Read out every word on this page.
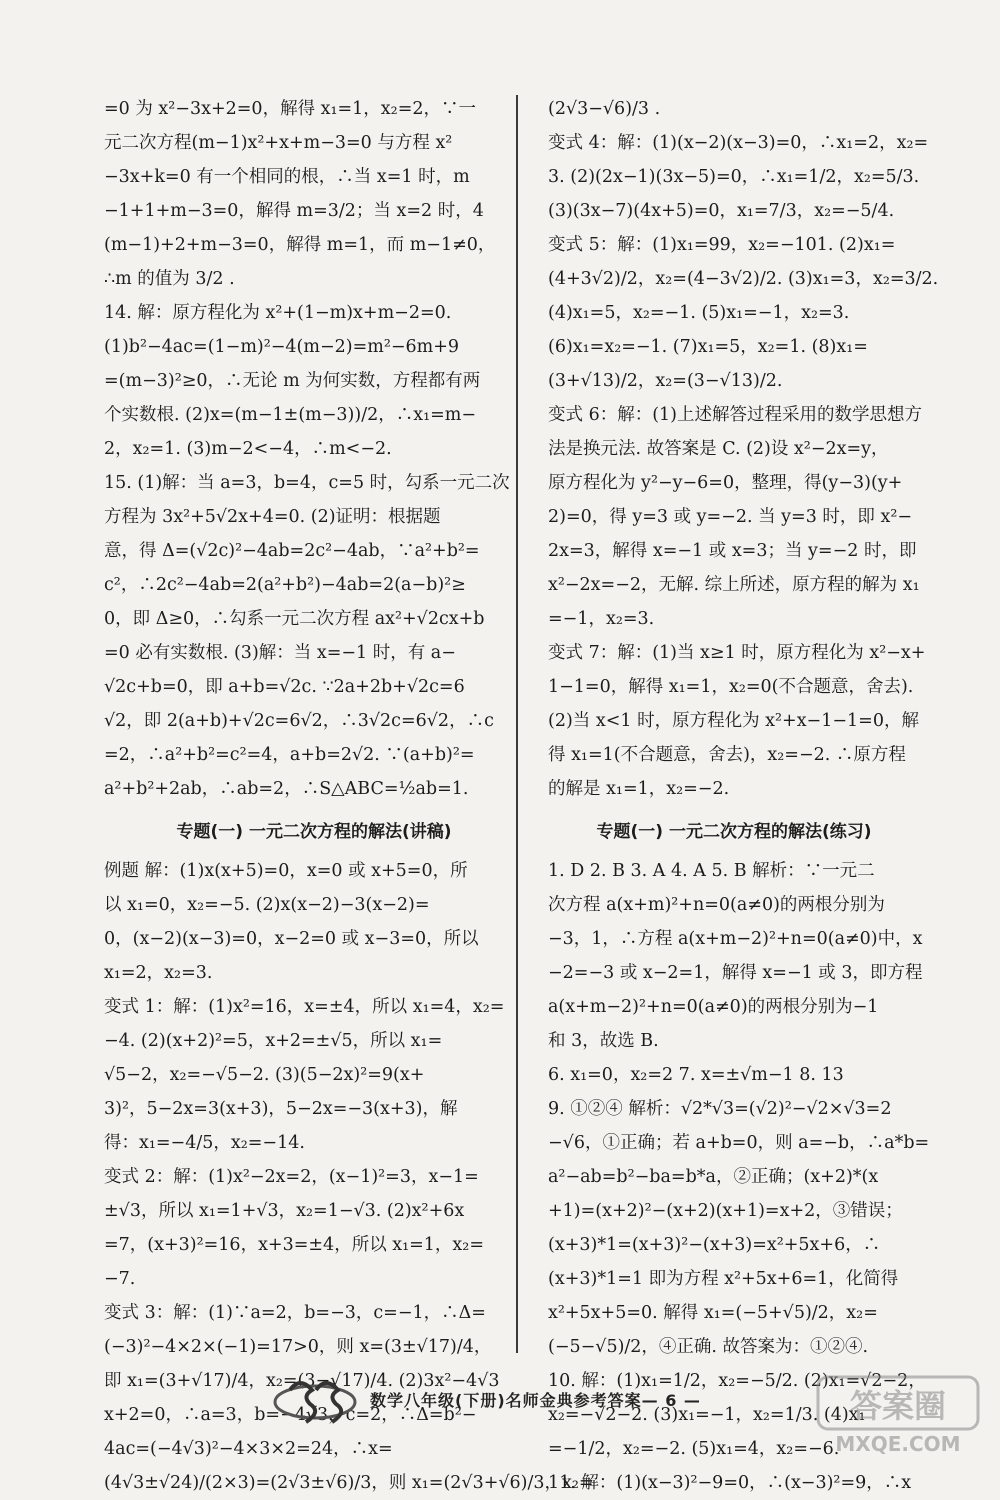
=0 为 x²−3x+2=0，解得 x₁=1，x₂=2，∵一
元二次方程(m−1)x²+x+m−3=0 与方程 x²
−3x+k=0 有一个相同的根，∴当 x=1 时，m
−1+1+m−3=0，解得 m=3/2；当 x=2 时，4
(m−1)+2+m−3=0，解得 m=1，而 m−1≠0，
∴m 的值为 3/2 .
14. 解：原方程化为 x²+(1−m)x+m−2=0.
(1)b²−4ac=(1−m)²−4(m−2)=m²−6m+9
=(m−3)²≥0，∴无论 m 为何实数，方程都有两
个实数根. (2)x=(m−1±(m−3))/2，∴x₁=m−
2，x₂=1. (3)m−2<−4，∴m<−2.
15. (1)解：当 a=3，b=4，c=5 时，勾系一元二次
方程为 3x²+5√2x+4=0. (2)证明：根据题
意，得 Δ=(√2c)²−4ab=2c²−4ab，∵a²+b²=
c²，∴2c²−4ab=2(a²+b²)−4ab=2(a−b)²≥
0，即 Δ≥0，∴勾系一元二次方程 ax²+√2cx+b
=0 必有实数根. (3)解：当 x=−1 时，有 a−
√2c+b=0，即 a+b=√2c. ∵2a+2b+√2c=6
√2，即 2(a+b)+√2c=6√2，∴3√2c=6√2，∴c
=2，∴a²+b²=c²=4，a+b=2√2. ∵(a+b)²=
a²+b²+2ab，∴ab=2，∴S△ABC=½ab=1.
专题(一) 一元二次方程的解法(讲稿)
例题 解：(1)x(x+5)=0，x=0 或 x+5=0，所
以 x₁=0，x₂=−5. (2)x(x−2)−3(x−2)=
0，(x−2)(x−3)=0，x−2=0 或 x−3=0，所以
x₁=2，x₂=3.
变式 1：解：(1)x²=16，x=±4，所以 x₁=4，x₂=
−4. (2)(x+2)²=5，x+2=±√5，所以 x₁=
√5−2，x₂=−√5−2. (3)(5−2x)²=9(x+
3)²，5−2x=3(x+3)，5−2x=−3(x+3)，解
得：x₁=−4/5，x₂=−14.
变式 2：解：(1)x²−2x=2，(x−1)²=3，x−1=
±√3，所以 x₁=1+√3，x₂=1−√3. (2)x²+6x
=7，(x+3)²=16，x+3=±4，所以 x₁=1，x₂=
−7.
变式 3：解：(1)∵a=2，b=−3，c=−1，∴Δ=
(−3)²−4×2×(−1)=17>0，则 x=(3±√17)/4，
即 x₁=(3+√17)/4，x₂=(3−√17)/4. (2)3x²−4√3
x+2=0，∴a=3，b=−4√3，c=2，∴Δ=b²−
4ac=(−4√3)²−4×3×2=24，∴x=
(4√3±√24)/(2×3)=(2√3±√6)/3，则 x₁=(2√3+√6)/3，x₂=
(2√3−√6)/3 .
变式 4：解：(1)(x−2)(x−3)=0，∴x₁=2，x₂=
3. (2)(2x−1)(3x−5)=0，∴x₁=1/2，x₂=5/3.
(3)(3x−7)(4x+5)=0，x₁=7/3，x₂=−5/4.
变式 5：解：(1)x₁=99，x₂=−101. (2)x₁=
(4+3√2)/2，x₂=(4−3√2)/2. (3)x₁=3，x₂=3/2.
(4)x₁=5，x₂=−1. (5)x₁=−1，x₂=3.
(6)x₁=x₂=−1. (7)x₁=5，x₂=1. (8)x₁=
(3+√13)/2，x₂=(3−√13)/2.
变式 6：解：(1)上述解答过程采用的数学思想方
法是换元法. 故答案是 C. (2)设 x²−2x=y，
原方程化为 y²−y−6=0，整理，得(y−3)(y+
2)=0，得 y=3 或 y=−2. 当 y=3 时，即 x²−
2x=3，解得 x=−1 或 x=3；当 y=−2 时，即
x²−2x=−2，无解. 综上所述，原方程的解为 x₁
=−1，x₂=3.
变式 7：解：(1)当 x≥1 时，原方程化为 x²−x+
1−1=0，解得 x₁=1，x₂=0(不合题意，舍去).
(2)当 x<1 时，原方程化为 x²+x−1−1=0，解
得 x₁=1(不合题意，舍去)，x₂=−2. ∴原方程
的解是 x₁=1，x₂=−2.
专题(一) 一元二次方程的解法(练习)
1. D 2. B 3. A 4. A 5. B 解析：∵一元二
次方程 a(x+m)²+n=0(a≠0)的两根分别为
−3，1，∴方程 a(x+m−2)²+n=0(a≠0)中，x
−2=−3 或 x−2=1，解得 x=−1 或 3，即方程
a(x+m−2)²+n=0(a≠0)的两根分别为−1
和 3，故选 B.
6. x₁=0，x₂=2 7. x=±√m−1 8. 13
9. ①②④ 解析：√2*√3=(√2)²−√2×√3=2
−√6，①正确；若 a+b=0，则 a=−b，∴a*b=
a²−ab=b²−ba=b*a，②正确；(x+2)*(x
+1)=(x+2)²−(x+2)(x+1)=x+2，③错误；
(x+3)*1=(x+3)²−(x+3)=x²+5x+6，∴
(x+3)*1=1 即为方程 x²+5x+6=1，化简得
x²+5x+5=0. 解得 x₁=(−5+√5)/2，x₂=
(−5−√5)/2，④正确. 故答案为：①②④.
10. 解：(1)x₁=1/2，x₂=−5/2. (2)x₁=√2−2，
x₂=−√2−2. (3)x₁=−1，x₂=1/3. (4)x₁
=−1/2，x₂=−2. (5)x₁=4，x₂=−6.
11. 解：(1)(x−3)²−9=0，∴(x−3)²=9，∴x
数学八年级(下册)名师金典参考答案— 6 —	答案圈
MXQE.COM
